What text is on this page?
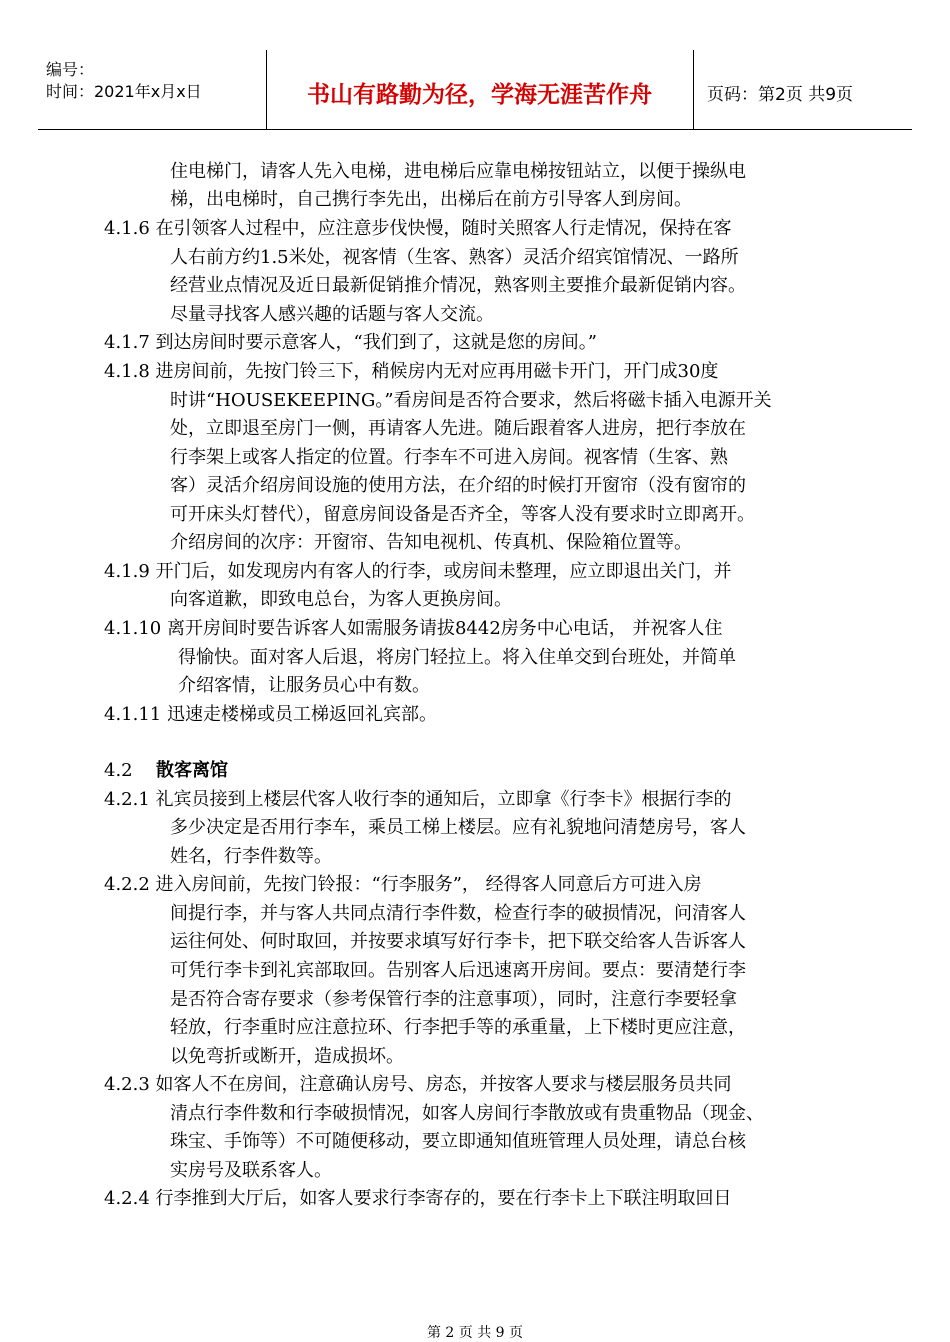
编号：
时间：2021年x月x日	书山有路勤为径，学海无涯苦作舟	页码：第2页 共9页
住电梯门，请客人先入电梯，进电梯后应靠电梯按钮站立，以便于操纵电
梯，出电梯时，自己携行李先出，出梯后在前方引导客人到房间。
4.1.6 在引领客人过程中，应注意步伐快慢，随时关照客人行走情况，保持在客
人右前方约1.5米处，视客情（生客、熟客）灵活介绍宾馆情况、一路所
经营业点情况及近日最新促销推介情况，熟客则主要推介最新促销内容。
尽量寻找客人感兴趣的话题与客人交流。
4.1.7 到达房间时要示意客人，“我们到了，这就是您的房间。”
4.1.8 进房间前，先按门铃三下，稍候房内无对应再用磁卡开门，开门成30度
时讲“HOUSEKEEPING。”看房间是否符合要求，然后将磁卡插入电源开关
处，立即退至房门一侧，再请客人先进。随后跟着客人进房，把行李放在
行李架上或客人指定的位置。行李车不可进入房间。视客情（生客、熟
客）灵活介绍房间设施的使用方法，在介绍的时候打开窗帘（没有窗帘的
可开床头灯替代），留意房间设备是否齐全，等客人没有要求时立即离开。
介绍房间的次序：开窗帘、告知电视机、传真机、保险箱位置等。
4.1.9 开门后，如发现房内有客人的行李，或房间未整理，应立即退出关门，并
向客道歉，即致电总台，为客人更换房间。
4.1.10 离开房间时要告诉客人如需服务请拔8442房务中心电话， 并祝客人住
得愉快。面对客人后退，将房门轻拉上。将入住单交到台班处，并简单
介绍客情，让服务员心中有数。
4.1.11 迅速走楼梯或员工梯返回礼宾部。
4.2 散客离馆
4.2.1 礼宾员接到上楼层代客人收行李的通知后，立即拿《行李卡》根据行李的
多少决定是否用行李车，乘员工梯上楼层。应有礼貌地问清楚房号，客人
姓名，行李件数等。
4.2.2 进入房间前，先按门铃报：“行李服务”， 经得客人同意后方可进入房
间提行李，并与客人共同点清行李件数，检查行李的破损情况，问清客人
运往何处、何时取回，并按要求填写好行李卡，把下联交给客人告诉客人
可凭行李卡到礼宾部取回。告别客人后迅速离开房间。要点：要清楚行李
是否符合寄存要求（参考保管行李的注意事项），同时，注意行李要轻拿
轻放，行李重时应注意拉环、行李把手等的承重量，上下楼时更应注意，
以免弯折或断开，造成损坏。
4.2.3 如客人不在房间，注意确认房号、房态，并按客人要求与楼层服务员共同
清点行李件数和行李破损情况，如客人房间行李散放或有贵重物品（现金、
珠宝、手饰等）不可随便移动，要立即通知值班管理人员处理，请总台核
实房号及联系客人。
4.2.4 行李推到大厅后，如客人要求行李寄存的，要在行李卡上下联注明取回日
第 2 页 共 9 页
